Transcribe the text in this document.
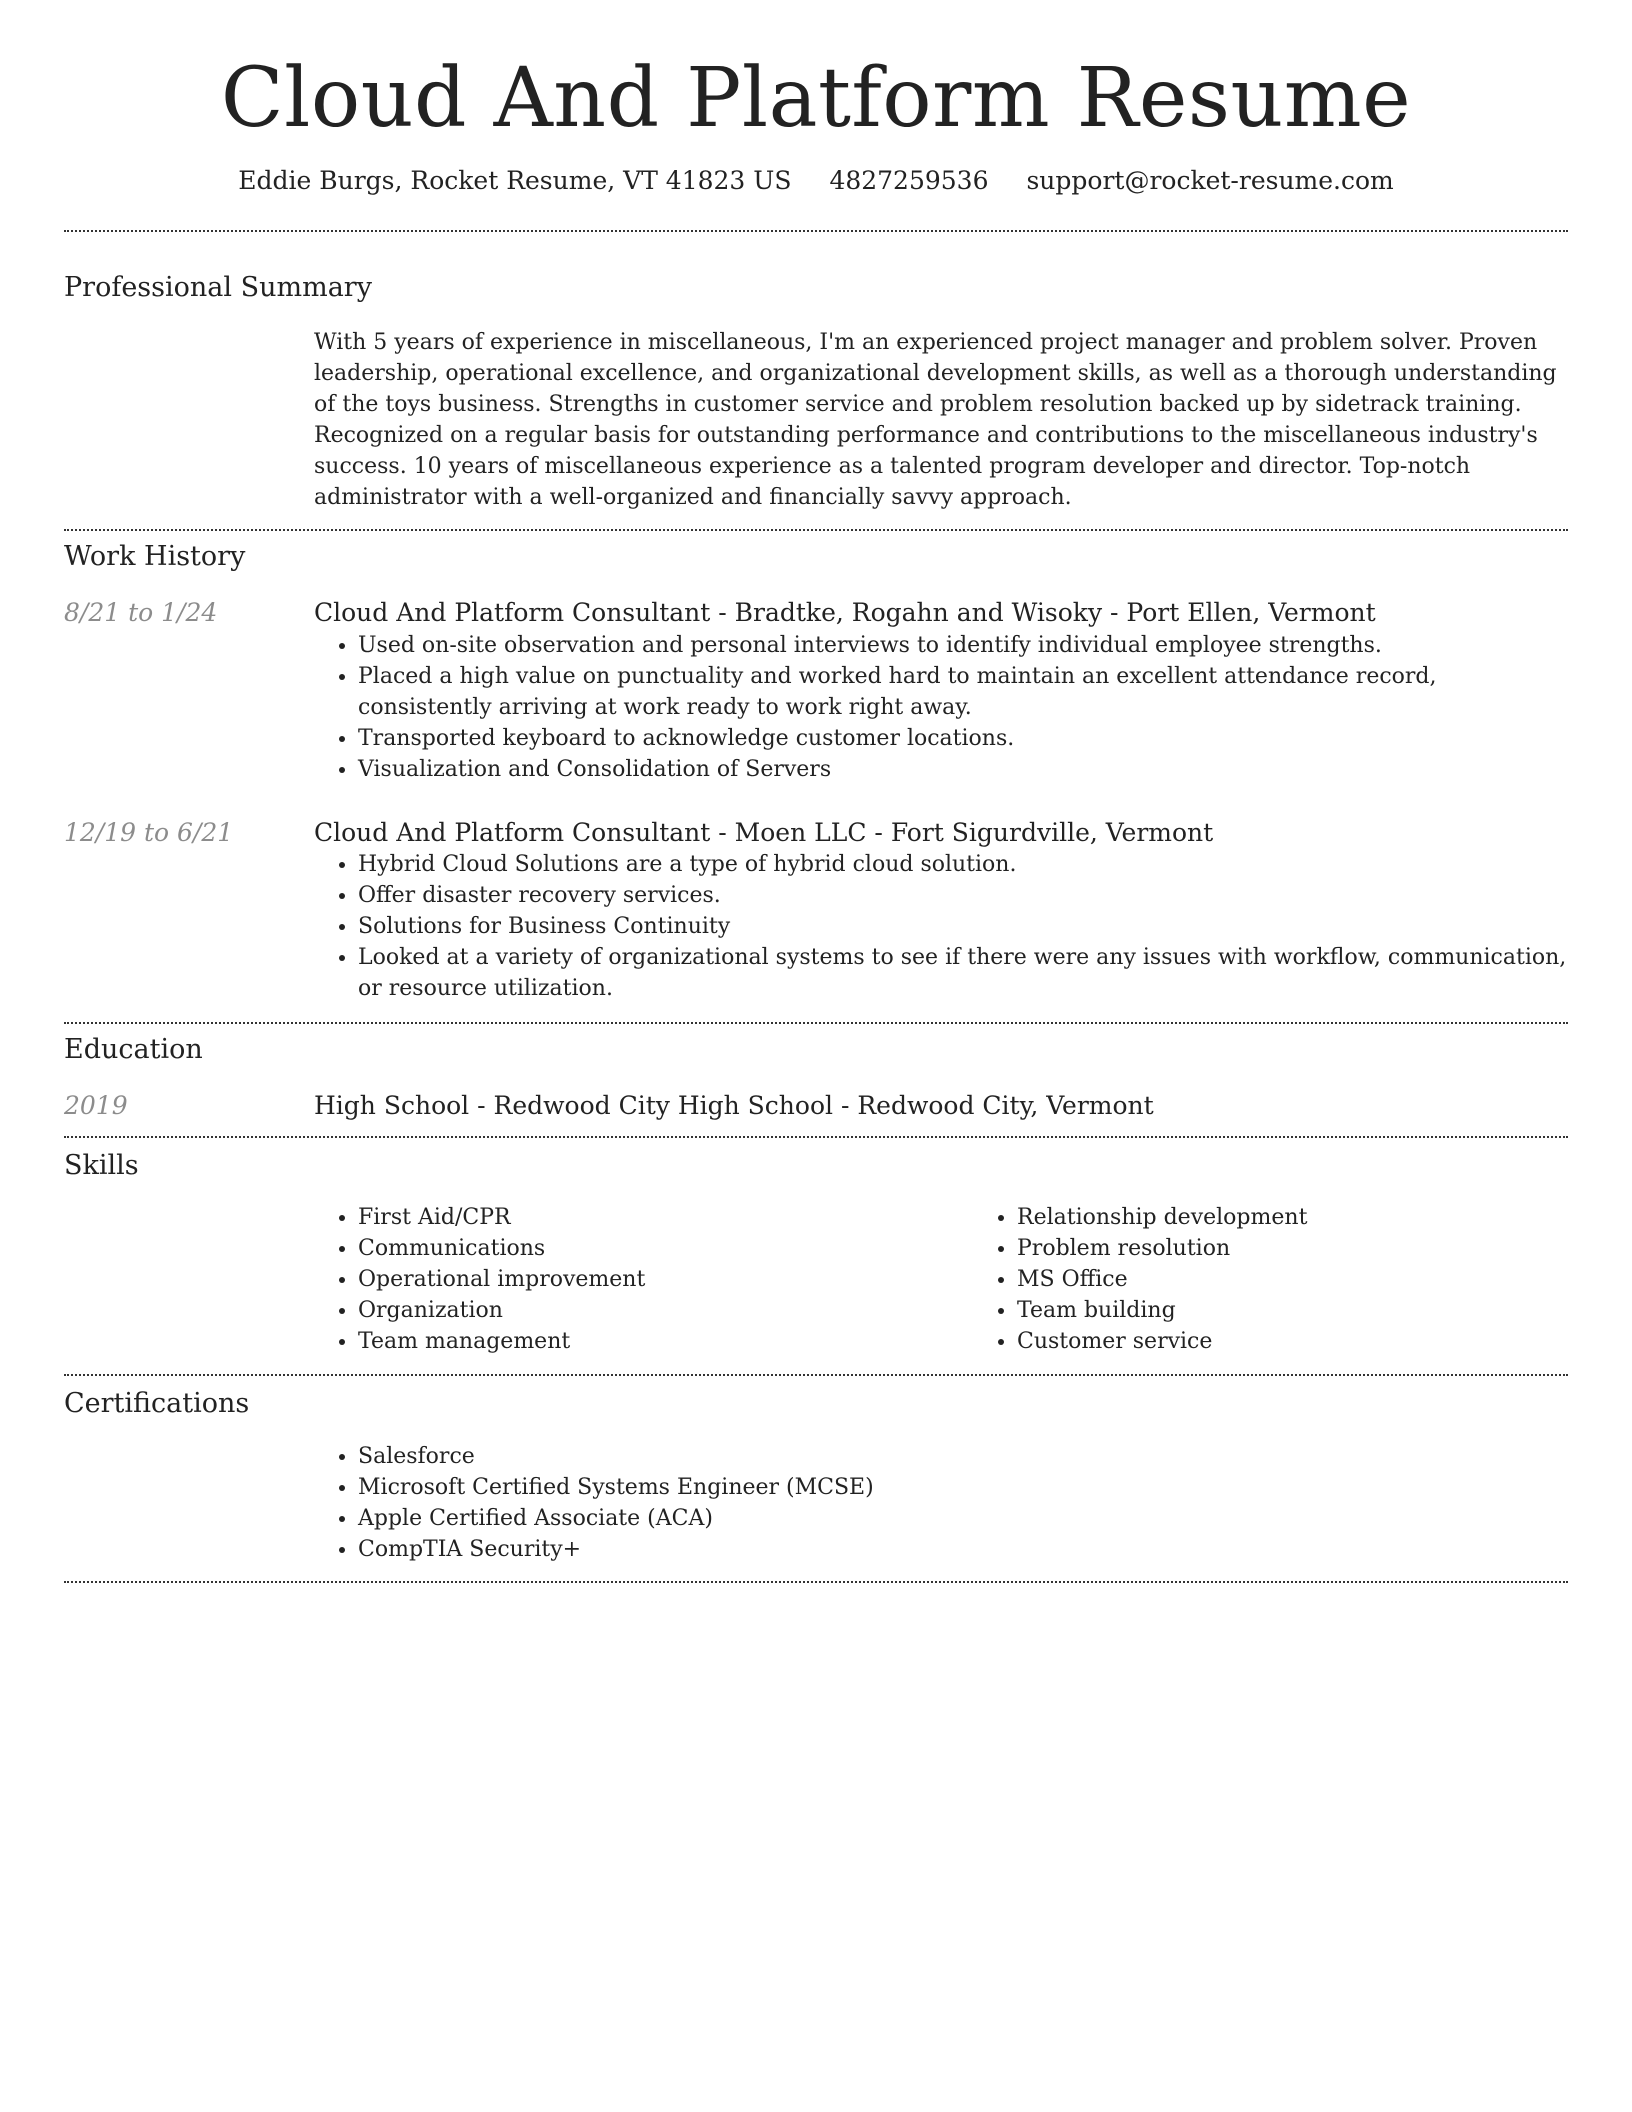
Cloud And Platform Resume
Eddie Burgs, Rocket Resume, VT 41823 US 4827259536 support@rocket-resume.com
Professional Summary

With 5 years of experience in miscellaneous, I'm an experienced project manager and problem solver. Proven leadership, operational excellence, and organizational development skills, as well as a thorough understanding of the toys business. Strengths in customer service and problem resolution backed up by sidetrack training. Recognized on a regular basis for outstanding performance and contributions to the miscellaneous industry's success. 10 years of miscellaneous experience as a talented program developer and director. Top-notch administrator with a well-organized and financially savvy approach.

Work History
8/21 to 1/24	Cloud And Platform Consultant - Bradtke, Rogahn and Wisoky - Port Ellen, Vermont
• Used on-site observation and personal interviews to identify individual employee strengths.
• Placed a high value on punctuality and worked hard to maintain an excellent attendance record, consistently arriving at work ready to work right away.
• Transported keyboard to acknowledge customer locations.
• Visualization and Consolidation of Servers
12/19 to 6/21	Cloud And Platform Consultant - Moen LLC - Fort Sigurdville, Vermont
• Hybrid Cloud Solutions are a type of hybrid cloud solution.
• Offer disaster recovery services.
• Solutions for Business Continuity
• Looked at a variety of organizational systems to see if there were any issues with workflow, communication, or resource utilization.
Education
2019	High School - Redwood City High School - Redwood City, Vermont
Skills
• First Aid/CPR
• Communications
• Operational improvement
• Organization
• Team management
• Relationship development
• Problem resolution
• MS Office
• Team building
• Customer service
Certifications
• Salesforce
• Microsoft Certified Systems Engineer (MCSE)
• Apple Certified Associate (ACA)
• CompTIA Security+
